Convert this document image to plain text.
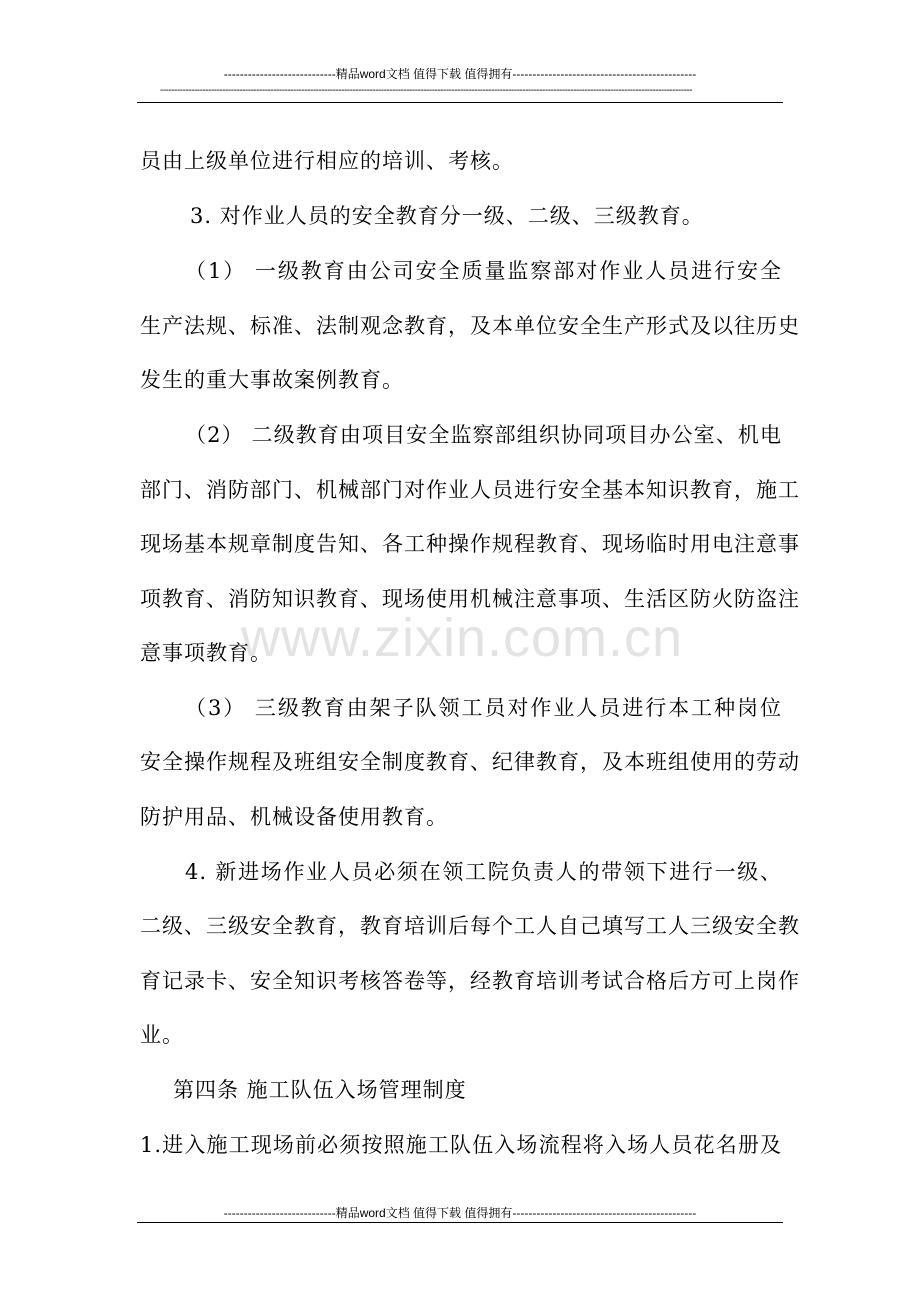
----------------------------精品word文档 值得下载 值得拥有----------------------------------------------
--------------------------------------------------------------------------------------------------------------------------------------------------------------------------------------------
www.zixin.com.cn
员由上级单位进行相应的培训、考核。
3. 对作业人员的安全教育分一级、二级、三级教育。
（1） 一级教育由公司安全质量监察部对作业人员进行安全
生产法规、标准、法制观念教育，及本单位安全生产形式及以往历史
发生的重大事故案例教育。
（2） 二级教育由项目安全监察部组织协同项目办公室、机电
部门、消防部门、机械部门对作业人员进行安全基本知识教育，施工
现场基本规章制度告知、各工种操作规程教育、现场临时用电注意事
项教育、消防知识教育、现场使用机械注意事项、生活区防火防盗注
意事项教育。
（3） 三级教育由架子队领工员对作业人员进行本工种岗位
安全操作规程及班组安全制度教育、纪律教育，及本班组使用的劳动
防护用品、机械设备使用教育。
4. 新进场作业人员必须在领工院负责人的带领下进行一级、
二级、三级安全教育，教育培训后每个工人自己填写工人三级安全教
育记录卡、安全知识考核答卷等，经教育培训考试合格后方可上岗作
业。
第四条 施工队伍入场管理制度
1.进入施工现场前必须按照施工队伍入场流程将入场人员花名册及
----------------------------精品word文档 值得下载 值得拥有----------------------------------------------
